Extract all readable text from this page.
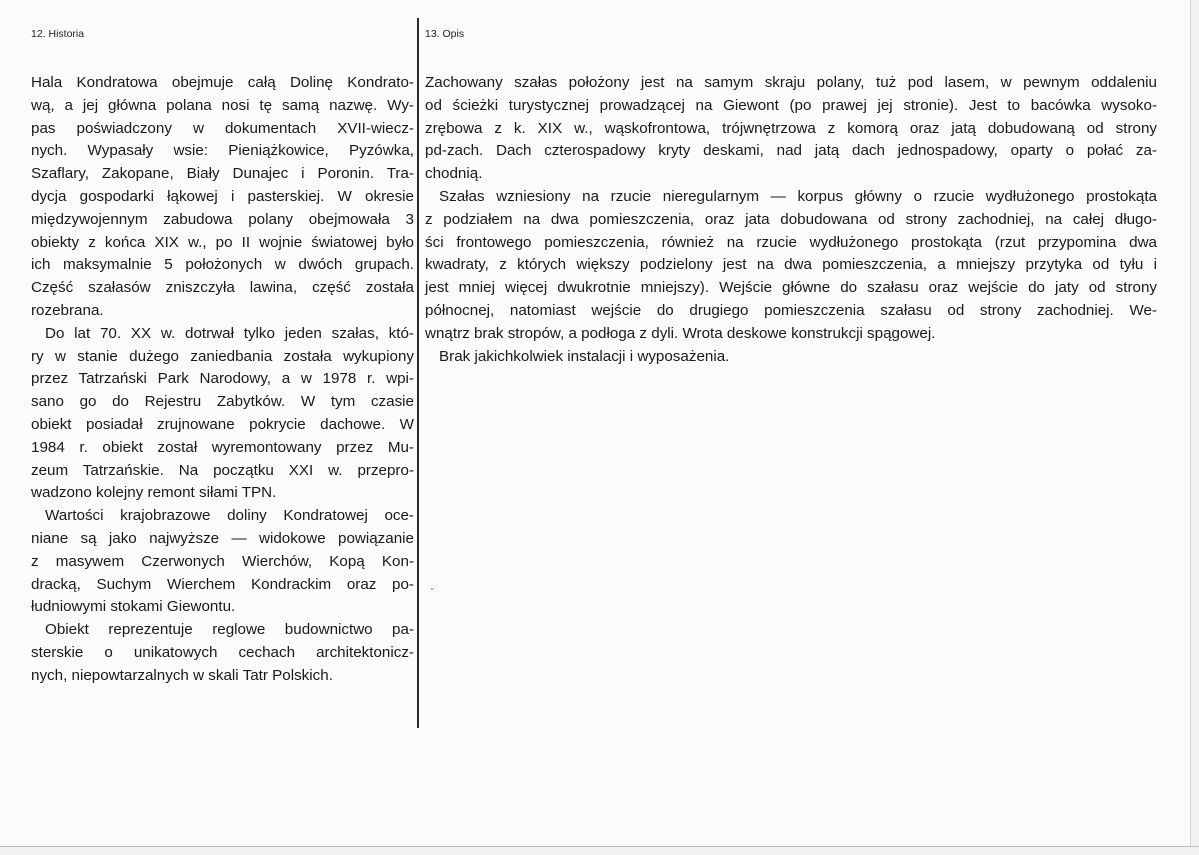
12. Historia	13. Opis
Hala Kondratowa obejmuje całą Dolinę Kondrato-
wą, a jej główna polana nosi tę samą nazwę. Wy-
pas poświadczony w dokumentach XVII-wiecz-
nych. Wypasały wsie: Pieniążkowice, Pyzówka,
Szaflary, Zakopane, Biały Dunajec i Poronin. Tra-
dycja gospodarki łąkowej i pasterskiej. W okresie
międzywojennym zabudowa polany obejmowała 3
obiekty z końca XIX w., po II wojnie światowej było
ich maksymalnie 5 położonych w dwóch grupach.
Część szałasów zniszczyła lawina, część została
rozebrana.
Do lat 70. XX w. dotrwał tylko jeden szałas, któ-
ry w stanie dużego zaniedbania została wykupiony
przez Tatrzański Park Narodowy, a w 1978 r. wpi-
sano go do Rejestru Zabytków. W tym czasie
obiekt posiadał zrujnowane pokrycie dachowe. W
1984 r. obiekt został wyremontowany przez Mu-
zeum Tatrzańskie. Na początku XXI w. przepro-
wadzono kolejny remont siłami TPN.
Wartości krajobrazowe doliny Kondratowej oce-
niane są jako najwyższe — widokowe powiązanie
z masywem Czerwonych Wierchów, Kopą Kon-
dracką, Suchym Wierchem Kondrackim oraz po-
łudniowymi stokami Giewontu.
Obiekt reprezentuje reglowe budownictwo pa-
sterskie o unikatowych cechach architektonicz-
nych, niepowtarzalnych w skali Tatr Polskich.
Zachowany szałas położony jest na samym skraju polany, tuż pod lasem, w pewnym oddaleniu
od ścieżki turystycznej prowadzącej na Giewont (po prawej jej stronie). Jest to bacówka wysoko-
zrębowa z k. XIX w., wąskofrontowa, trójwnętrzowa z komorą oraz jatą dobudowaną od strony
pd-zach. Dach czterospadowy kryty deskami, nad jatą dach jednospadowy, oparty o połać za-
chodnią.
Szałas wzniesiony na rzucie nieregularnym — korpus główny o rzucie wydłużonego prostokąta
z podziałem na dwa pomieszczenia, oraz jata dobudowana od strony zachodniej, na całej długo-
ści frontowego pomieszczenia, również na rzucie wydłużonego prostokąta (rzut przypomina dwa
kwadraty, z których większy podzielony jest na dwa pomieszczenia, a mniejszy przytyka od tyłu i
jest mniej więcej dwukrotnie mniejszy). Wejście główne do szałasu oraz wejście do jaty od strony
północnej, natomiast wejście do drugiego pomieszczenia szałasu od strony zachodniej. We-
wnątrz brak stropów, a podłoga z dyli. Wrota deskowe konstrukcji spągowej.
Brak jakichkolwiek instalacji i wyposażenia.
˘
